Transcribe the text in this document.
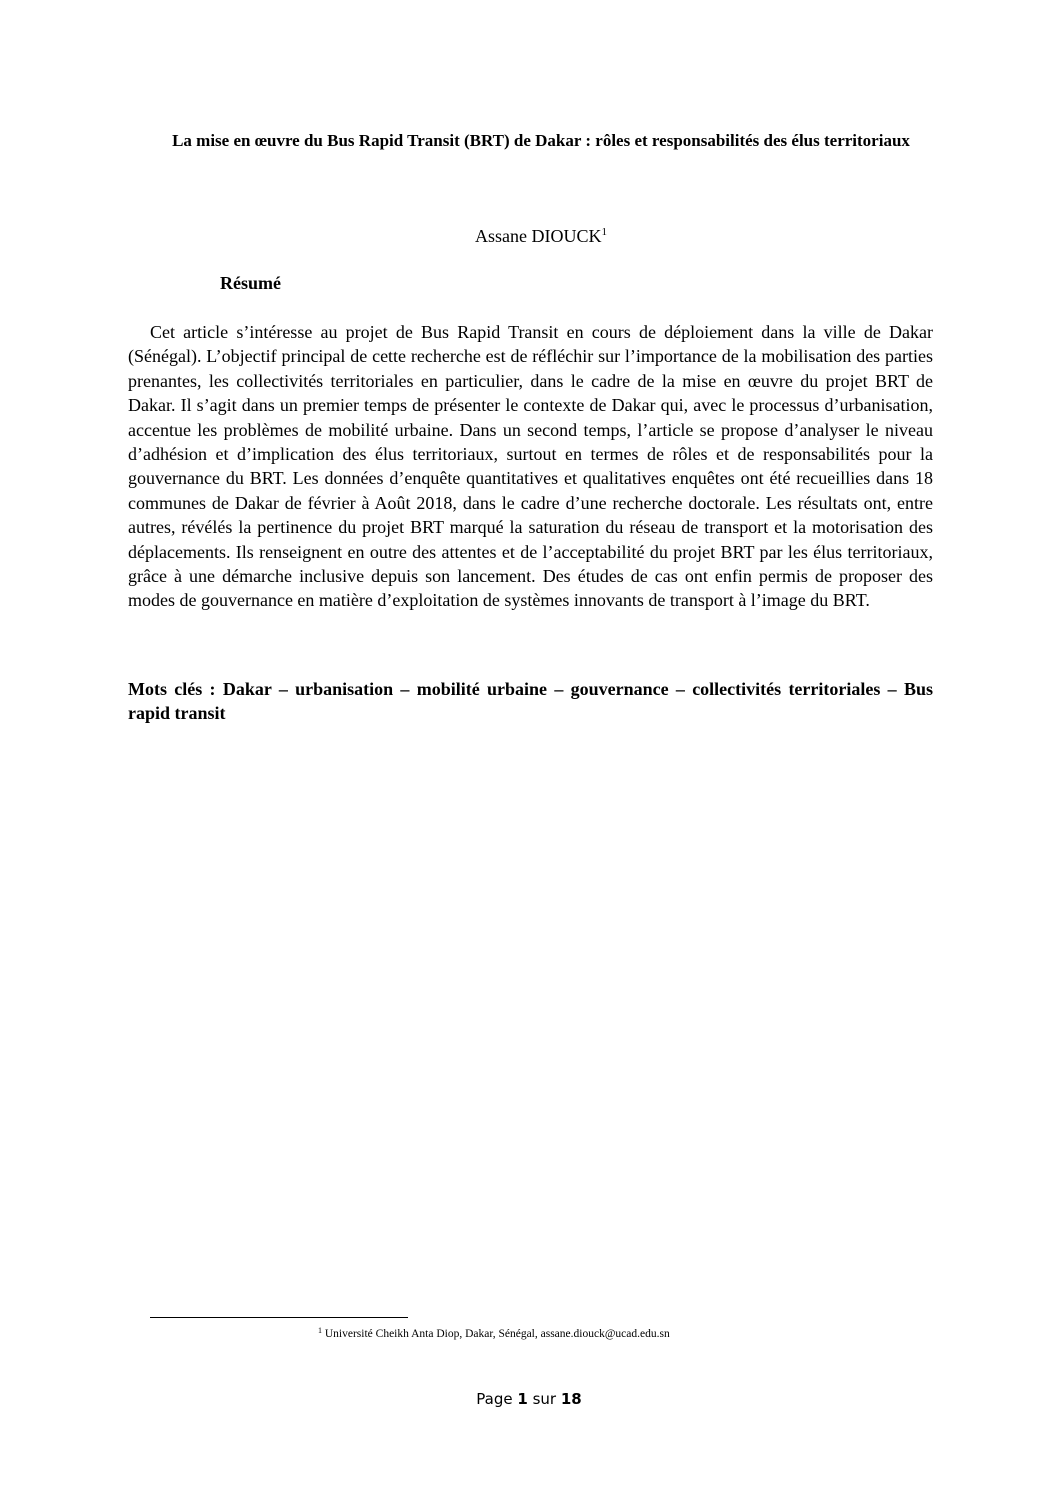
La mise en œuvre du Bus Rapid Transit (BRT) de Dakar : rôles et responsabilités des élus territoriaux
Assane DIOUCK$^1$
Résumé

Cet article s’intéresse au projet de Bus Rapid Transit en cours de déploiement dans la ville de Dakar (Sénégal). L’objectif principal de cette recherche est de réfléchir sur l’importance de la mobilisation des parties prenantes, les collectivités territoriales en particulier, dans le cadre de la mise en œuvre du projet BRT de Dakar. Il s’agit dans un premier temps de présenter le contexte de Dakar qui, avec le processus d’urbanisation, accentue les problèmes de mobilité urbaine. Dans un second temps, l’article se propose d’analyser le niveau d’adhésion et d’implication des élus territoriaux, surtout en termes de rôles et de responsabilités pour la gouvernance du BRT. Les données d’enquête quantitatives et qualitatives enquêtes ont été recueillies dans 18 communes de Dakar de février à Août 2018, dans le cadre d’une recherche doctorale. Les résultats ont, entre autres, révélés la pertinence du projet BRT marqué la saturation du réseau de transport et la motorisation des déplacements. Ils renseignent en outre des attentes et de l’acceptabilité du projet BRT par les élus territoriaux, grâce à une démarche inclusive depuis son lancement. Des études de cas ont enfin permis de proposer des modes de gouvernance en matière d’exploitation de systèmes innovants de transport à l’image du BRT.

Mots clés : Dakar – urbanisation – mobilité urbaine – gouvernance – collectivités territoriales – Bus rapid transit

$^1$ Université Cheikh Anta Diop, Dakar, Sénégal, assane.diouck@ucad.edu.sn
Page 1 sur 18
